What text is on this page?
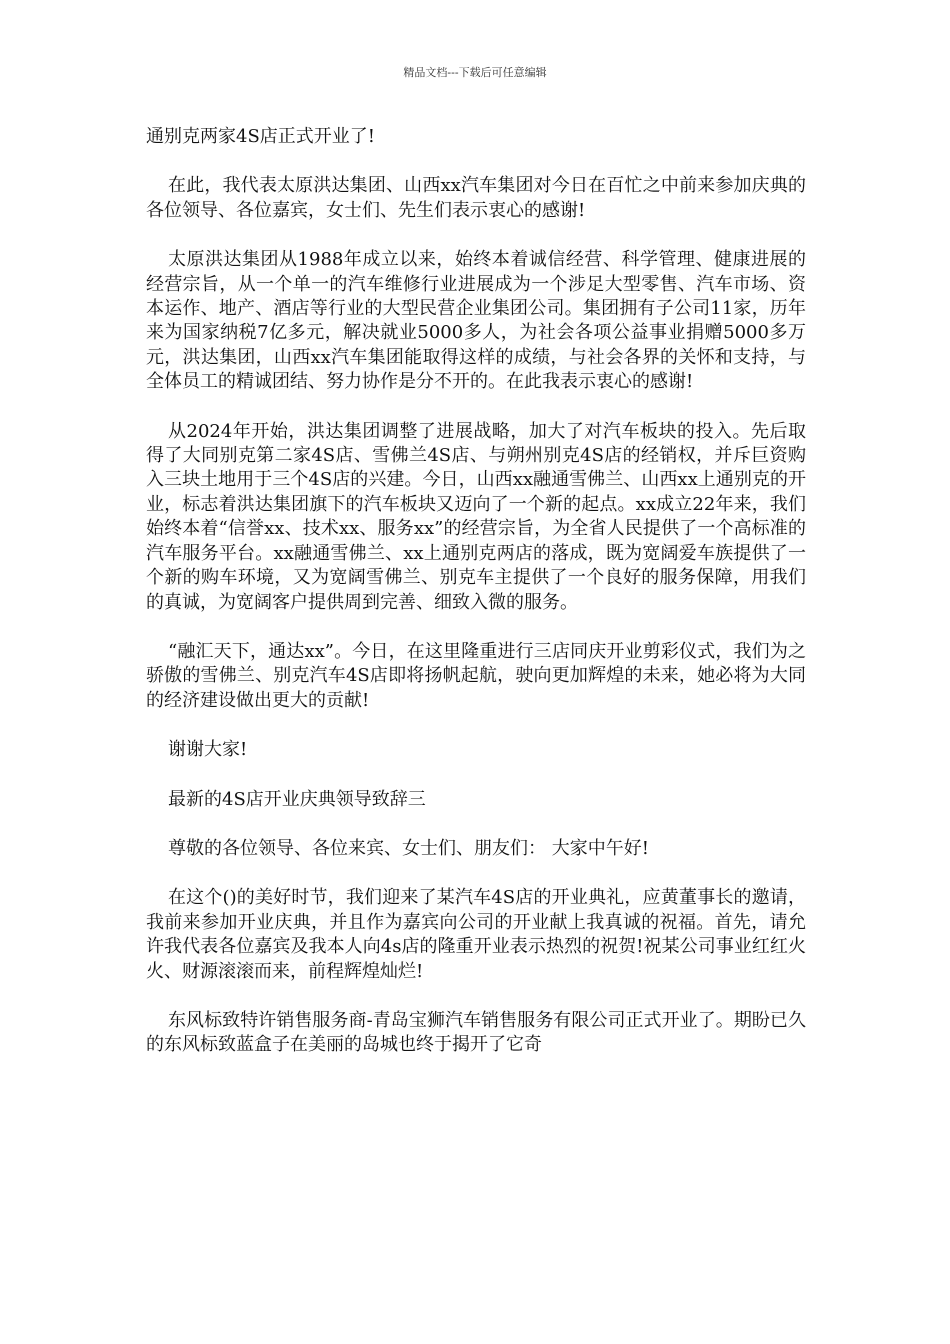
精品文档---下载后可任意编辑

通别克两家4S店正式开业了!

在此，我代表太原洪达集团、山西xx汽车集团对今日在百忙之中前来参加庆典的各位领导、各位嘉宾，女士们、先生们表示衷心的感谢!

太原洪达集团从1988年成立以来，始终本着诚信经营、科学管理、健康进展的经营宗旨，从一个单一的汽车维修行业进展成为一个涉足大型零售、汽车市场、资本运作、地产、酒店等行业的大型民营企业集团公司。集团拥有子公司11家，历年来为国家纳税7亿多元，解决就业5000多人，为社会各项公益事业捐赠5000多万元，洪达集团，山西xx汽车集团能取得这样的成绩，与社会各界的关怀和支持，与全体员工的精诚团结、努力协作是分不开的。在此我表示衷心的感谢!

从2024年开始，洪达集团调整了进展战略，加大了对汽车板块的投入。先后取得了大同别克第二家4S店、雪佛兰4S店、与朔州别克4S店的经销权，并斥巨资购入三块土地用于三个4S店的兴建。今日，山西xx融通雪佛兰、山西xx上通别克的开业，标志着洪达集团旗下的汽车板块又迈向了一个新的起点。xx成立22年来，我们始终本着“信誉xx、技术xx、服务xx”的经营宗旨，为全省人民提供了一个高标准的汽车服务平台。xx融通雪佛兰、xx上通别克两店的落成，既为宽阔爱车族提供了一个新的购车环境，又为宽阔雪佛兰、别克车主提供了一个良好的服务保障，用我们的真诚，为宽阔客户提供周到完善、细致入微的服务。

“融汇天下，通达xx”。今日，在这里隆重进行三店同庆开业剪彩仪式，我们为之骄傲的雪佛兰、别克汽车4S店即将扬帆起航，驶向更加辉煌的未来，她必将为大同的经济建设做出更大的贡献!

谢谢大家!

最新的4S店开业庆典领导致辞三

尊敬的各位领导、各位来宾、女士们、朋友们： 大家中午好!

在这个()的美好时节，我们迎来了某汽车4S店的开业典礼，应黄董事长的邀请，我前来参加开业庆典，并且作为嘉宾向公司的开业献上我真诚的祝福。首先，请允许我代表各位嘉宾及我本人向4s店的隆重开业表示热烈的祝贺!祝某公司事业红红火火、财源滚滚而来，前程辉煌灿烂!

东风标致特许销售服务商-青岛宝狮汽车销售服务有限公司正式开业了。期盼已久的东风标致蓝盒子在美丽的岛城也终于揭开了它奇
